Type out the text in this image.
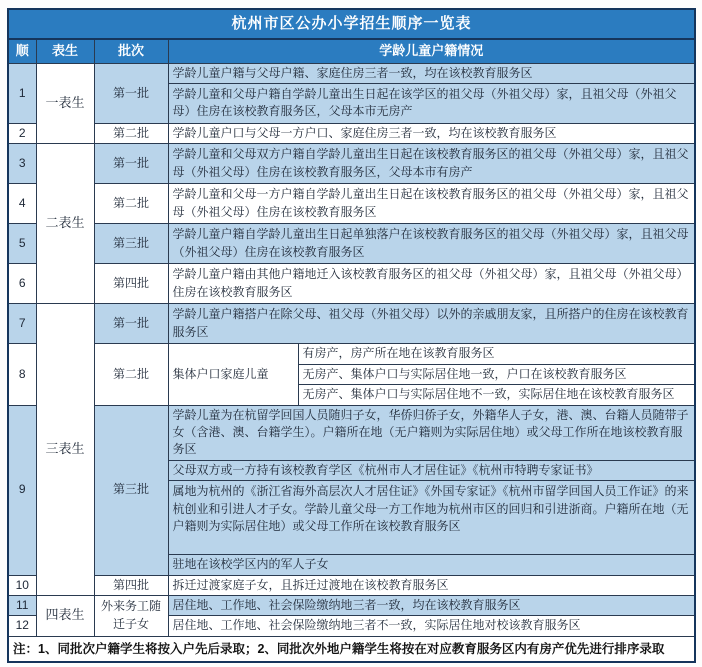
杭州市区公办小学招生顺序一览表				
顺	表生	批次	学龄儿童户籍情况	
1	一表生	第一批	学龄儿童户籍与父母户籍、家庭住房三者一致，均在该校教育服务区	
			学龄儿童和父母户籍自学龄儿童出生日起在该学区的祖父母（外祖父母）家，且祖父母（外祖父母）住房在该校教育服务区，父母本市无房产	
2		第二批	学龄儿童户口与父母一方户口、家庭住房三者一致，均在该校教育服务区	
3	二表生	第一批	学龄儿童和父母双方户籍自学龄儿童出生日起在该校教育服务区的祖父母（外祖父母）家，且祖父母（外祖父母）住房在该校教育服务区，父母本市有房产	
4		第二批	学龄儿童和父母一方户籍自学龄儿童出生日起在该校教育服务区的祖父母（外祖父母）家，且祖父母（外祖父母）住房在该校教育服务区	
5		第三批	学龄儿童户籍自学龄儿童出生日起单独落户在该校教育服务区的祖父母（外祖父母）家，且祖父母（外祖父母）住房在该校教育服务区	
6		第四批	学龄儿童户籍由其他户籍地迁入该校教育服务区的祖父母（外祖父母）家，且祖父母（外祖父母）住房在该校教育服务区	
7	三表生	第一批	学龄儿童户籍搭户在除父母、祖父母（外祖父母）以外的亲戚朋友家，且所搭户的住房在该校教育服务区	
8		第二批	集体户口家庭儿童	有房产，房产所在地在该教育服务区
				无房产、集体户口与实际居住地一致，户口在该校教育服务区
				无房产、集体户口与实际居住地不一致，实际居住地在该校教育服务区
9		第三批	学龄儿童为在杭留学回国人员随归子女，华侨归侨子女，外籍华人子女，港、澳、台籍人员随带子女（含港、澳、台籍学生）。户籍所在地（无户籍则为实际居住地）或父母工作所在地该校教育服务区	
			父母双方或一方持有该校教育学区《杭州市人才居住证》《杭州市特聘专家证书》	
			属地为杭州的《浙江省海外高层次人才居住证》《外国专家证》《杭州市留学回国人员工作证》的来杭创业和引进人才子女。学龄儿童父母一方工作地为杭州市区的回归和引进浙商。户籍所在地（无户籍则为实际居住地）或父母工作所在该校教育服务区	
			驻地在该校学区内的军人子女	
10		第四批	拆迁过渡家庭子女，且拆迁过渡地在该校教育服务区	
11	四表生	外来务工随迁子女	居住地、工作地、社会保险缴纳地三者一致，均在该校教育服务区	
12			居住地、工作地、社会保险缴纳地三者不一致，实际居住地对校该教育服务区	
注：1、同批次户籍学生将按入户先后录取；2、同批次外地户籍学生将按在对应教育服务区内有房产优先进行排序录取				
